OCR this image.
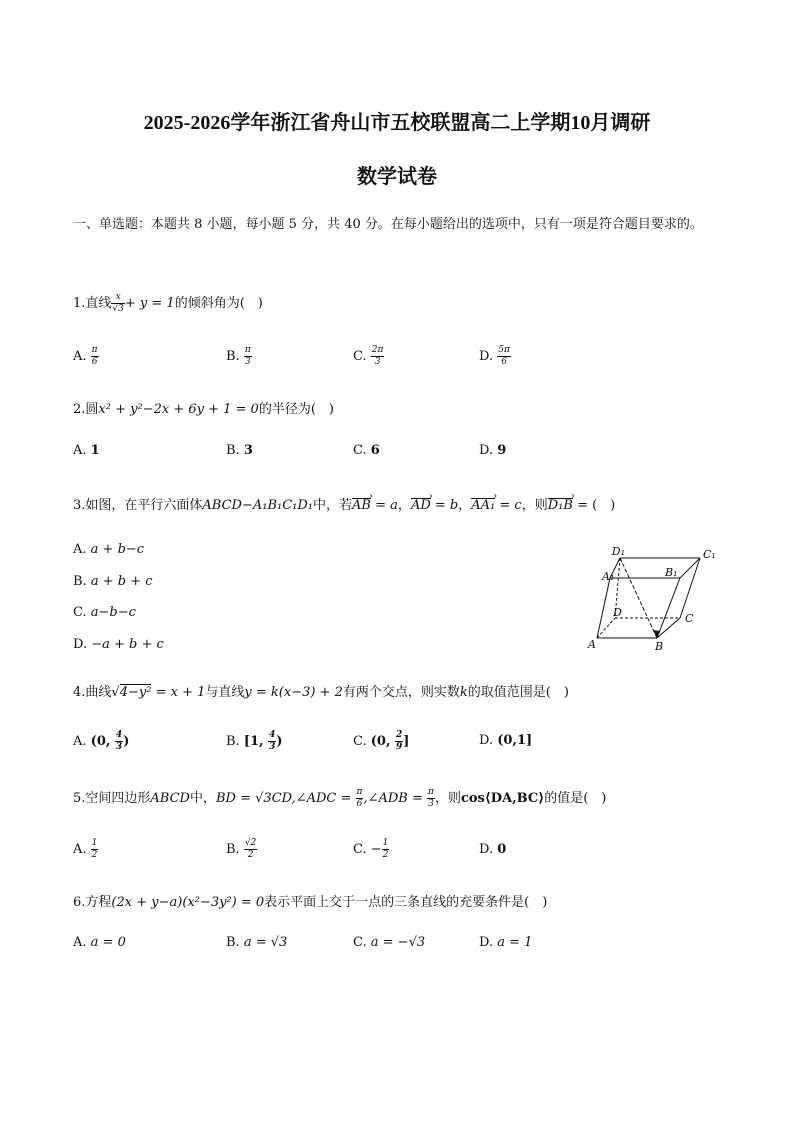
2025-2026学年浙江省舟山市五校联盟高二上学期10月调研
数学试卷
一、单选题：本题共 8 小题，每小题 5 分，共 40 分。在每小题给出的选项中，只有一项是符合题目要求的。
1.直线 $\frac{x}{√3} + y = 1$的倾斜角为( )
A. $\frac{\pi}{6}$	B. $\frac{\pi}{3}$	C. $\frac{2\pi}{3}$	D. $\frac{5\pi}{6}$
2.圆x² + y²−2x + 6y + 1 = 0的半径为( )
A. 1	B. 3	C. 6	D. 9
3.如图，在平行六面体ABCD−A₁B₁C₁D₁中，若AB › = a，AD › = b，AA₁ › = c，则D₁B › = ( )
A. a + b−c
B. a + b + c
C. a−b−c
D. −a + b + c
D₁	C₁
A₁	B₁
D	C
A	B
4.曲线√4−y² = x + 1与直线y = k(x−3) + 2有两个交点，则实数k的取值范围是( )
A. (0, $\frac{4}{3}$ )	B. [1, $\frac{4}{3}$ )	C. (0, $\frac{2}{9}$ ]	D. (0,1]
5.空间四边形ABCD中，BD = √3CD,∠ADC = $\frac{\pi}{6}$ ,∠ADB = $\frac{\pi}{3}$ ，则cos⟨DA,BC⟩的值是( )
A. $\frac{1}{2}$	B. $\frac{√2}{2}$	C. − $\frac{1}{2}$	D. 0
6.方程(2x + y−a)(x²−3y²) = 0表示平面上交于一点的三条直线的充要条件是( )
A. a = 0	B. a = √3	C. a = −√3	D. a = 1
